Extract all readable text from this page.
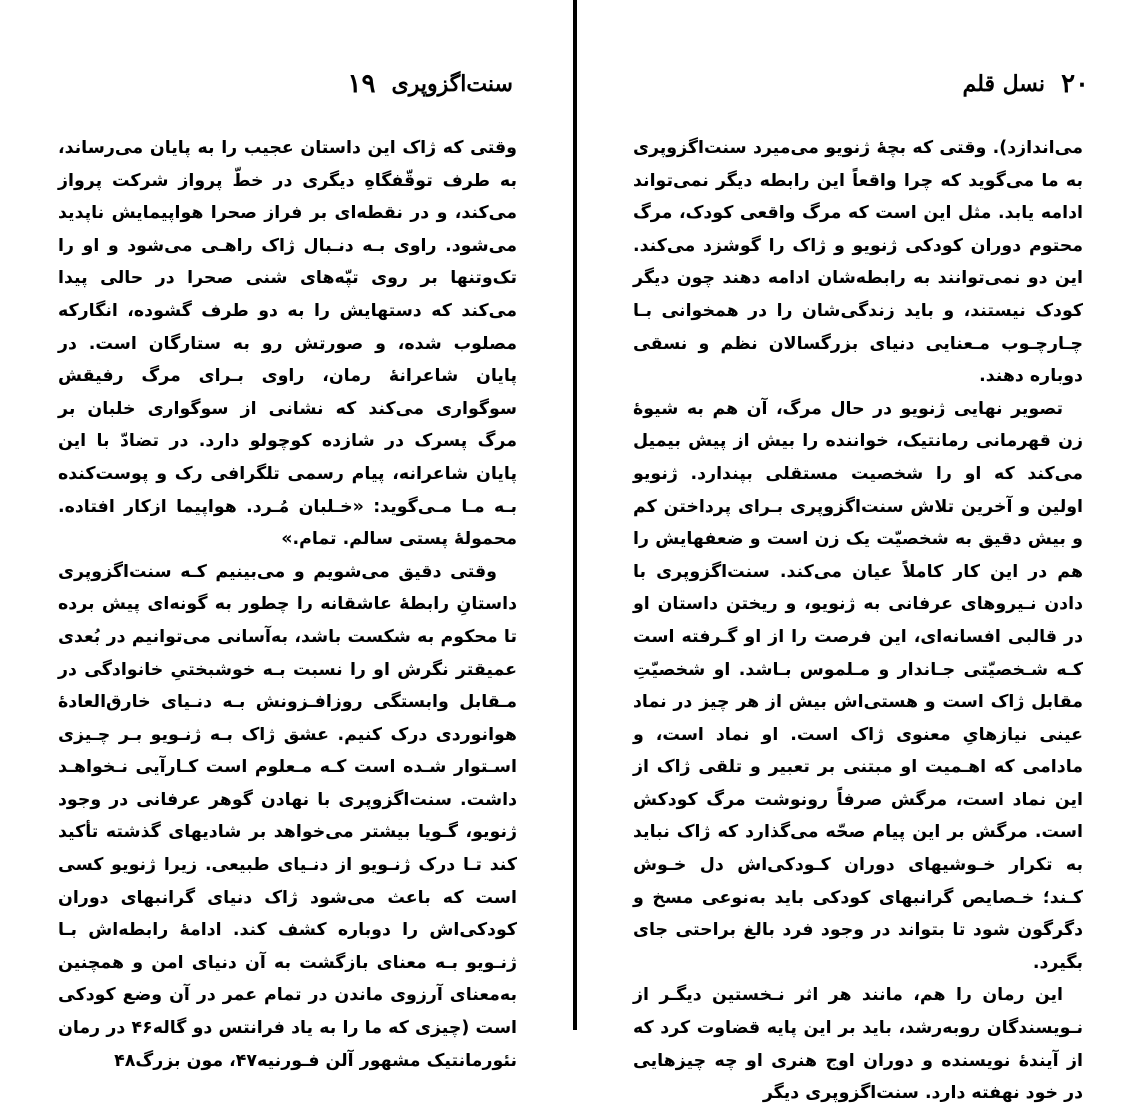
سنت‌اگزوپری
۱۹

وقتی که ژاک این داستان عجیب را به پایان می‌رساند، به طرف توقّفگاهِ دیگری در خطّ پرواز شرکت پرواز می‌کند، و در نقطه‌ای بر فراز صحرا هواپیمایش ناپدید می‌شود. راوی بـه دنـبال ژاک راهـی می‌شود و او را تک‌وتنها بر روی تپّه‌های شنی صحرا در حالی پیدا می‌کند که دستهایش را به دو طرف گشوده، انگارکه مصلوب شده، و صورتش رو به ستارگان است. در پایان شاعرانهٔ رمان، راوی بـرای مرگ رفیقش سوگواری می‌کند که نشانی از سوگواری خلبان بر مرگ پسرک در شازده کوچولو دارد. در تضادّ با این پایان شاعرانه، پیام رسمی تلگرافی رک و پوست‌کنده بـه مـا مـی‌گوید: «خـلبان مُـرد. هواپیما ازکار افتاده. محمولهٔ پستی سالم. تمام.»

وقتی دقیق می‌شویم و می‌بینیم کـه سنت‌اگزوپری داستانِ رابطهٔ عاشقانه را چطور به گونه‌ای پیش برده تا محکوم به شکست باشد، به‌آسانی می‌توانیم در بُعدی عمیقتر نگرش او را نسبت بـه خوشبختیِ خانوادگی در مـقابل وابستگی روزافـزونش بـه دنـیای خارق‌العادهٔ هوانوردی درک کنیم. عشق ژاک بـه ژنـویو بـر چـیزی اسـتوار شـده است کـه مـعلوم است کـارآیی نـخواهـد داشت. سنت‌اگزوپری با نهادن گوهر عرفانی در وجود ژنویو، گـویا بیشتر می‌خواهد بر شادیهای گذشته تأکید کند تـا درک ژنـویو از دنـیای طبیعی. زیرا ژنویو کسی است که باعث می‌شود ژاک دنیای گرانبهای دوران کودکی‌اش را دوباره کشف کند. ادامهٔ رابطه‌اش بـا ژنـویو بـه معنای بازگشت به آن دنیای امن و همچنین به‌معنای آرزوی ماندن در تمام عمر در آن وضع کودکی است (چیزی که ما را به یاد فرانتس دو گاله۴۶ در رمان نئورمانتیک مشهور آلن فـورنیه۴۷، مون بزرگ۴۸

۲۰
نسل قلم

می‌اندازد). وقتی که بچهٔ ژنویو می‌میرد سنت‌اگزوپری به ما می‌گوید که چرا واقعاً این رابطه دیگر نمی‌تواند ادامه یابد. مثل این است که مرگ واقعی کودک، مرگ محتوم دوران کودکی ژنویو و ژاک را گوشزد می‌کند. این دو نمی‌توانند به رابطه‌شان ادامه دهند چون دیگر کودک نیستند، و باید زندگی‌شان را در همخوانی بـا چـارچـوب مـعنایی دنیای بزرگسالان نظم و نسقی دوباره دهند.

تصویر نهایی ژنویو در حال مرگ، آن هم به شیوهٔ زن قهرمانی رمانتیک، خواننده را بیش از پیش بیمیل می‌کند که او را شخصیت مستقلی بپندارد. ژنویو اولین و آخرین تلاش سنت‌اگزوپری بـرای پرداختن کم و بیش دقیق به شخصیّت یک زن است و ضعفهایش را هم در این کار کاملاً عیان می‌کند. سنت‌اگزوپری با دادن نـیروهای عرفانی به ژنویو، و ریختن داستان او در قالبی افسانه‌ای، این فرصت را از او گـرفته است کـه شـخصیّتی جـاندار و مـلموس بـاشد. او شخصیّتِ مقابل ژاک است و هستی‌اش بیش از هر چیز در نماد عینی نیازهایِ معنوی ژاک است. او نماد است، و مادامی که اهـمیت او مبتنی بر تعبیر و تلقی ژاک از این نماد است، مرگش صرفاً رونوشت مرگ کودکش است. مرگش بر این پیام صحّه می‌گذارد که ژاک نباید به تکرار خـوشیهای دوران کـودکی‌اش دل خـوش کـند؛ خـصایص گرانبهای کودکی باید به‌نوعی مسخ و دگرگون شود تا بتواند در وجود فرد بالغ براحتی جای بگیرد.

این رمان را هم، مانند هر اثر نـخستین دیگـر از نـویسندگان روبه‌رشد، باید بر این پایه قضاوت کرد که از آیندهٔ نویسنده و دوران اوج هنری او چه چیزهایی در خود نهفته دارد. سنت‌اگزوپری دیگر
